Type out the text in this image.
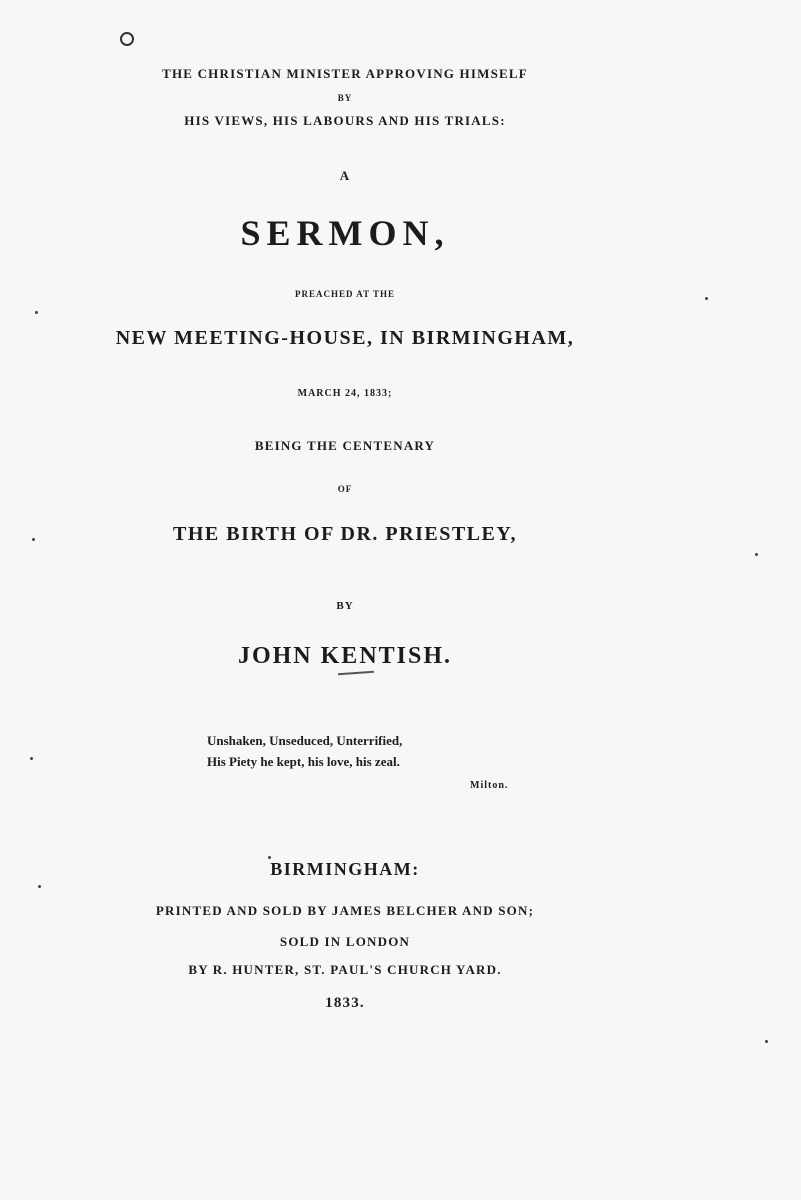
THE CHRISTIAN MINISTER APPROVING HIMSELF
BY
HIS VIEWS, HIS LABOURS AND HIS TRIALS:
A
SERMON,
PREACHED AT THE
NEW MEETING-HOUSE, IN BIRMINGHAM,
MARCH 24, 1833;
BEING THE CENTENARY
OF
THE BIRTH OF DR. PRIESTLEY,
BY
JOHN KENTISH.
Unshaken, Unseduced, Unterrified,
His Piety he kept, his love, his zeal.
Milton.
BIRMINGHAM:
PRINTED AND SOLD BY JAMES BELCHER AND SON;
SOLD IN LONDON
BY R. HUNTER, ST. PAUL'S CHURCH YARD.
1833.
